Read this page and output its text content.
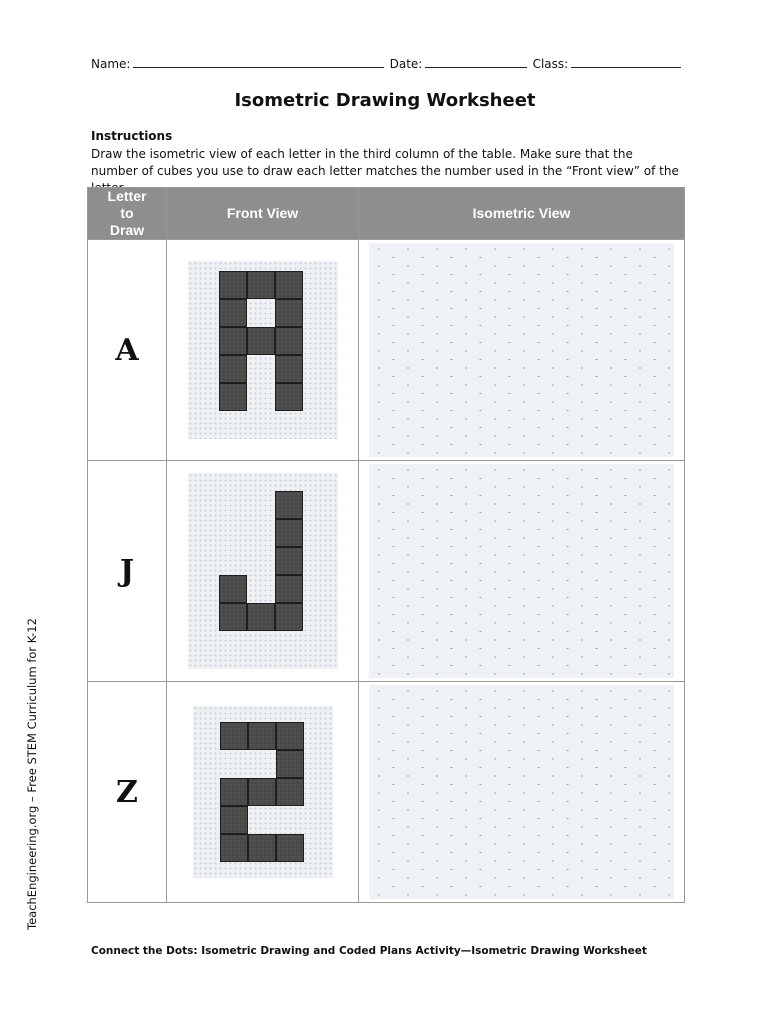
Name:	Date:	Class:
Isometric Drawing Worksheet
Instructions
Draw the isometric view of each letter in the third column of the table. Make sure that the number of cubes you use to draw each letter matches the number used in the “Front view” of the
Letter to Draw	Front View	Isometric View
A	

J	

Z	

TeachEngineering.org – Free STEM Curriculum for K-12
Connect the Dots: Isometric Drawing and Coded Plans Activity—Isometric Drawing Worksheet
